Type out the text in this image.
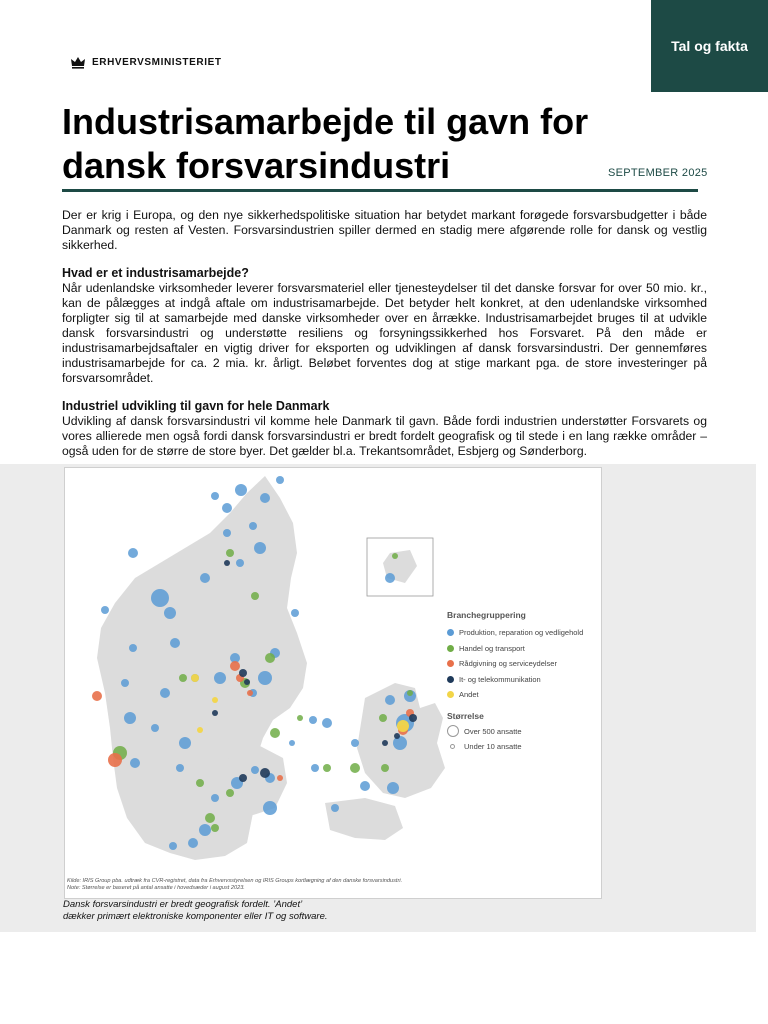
Tal og fakta
ERHVERVSMINISTERIET
Industrisamarbejde til gavn for
dansk forsvarsindustri	SEPTEMBER 2025

Der er krig i Europa, og den nye sikkerhedspolitiske situation har betydet markant forøgede forsvarsbudgetter i både Danmark og resten af Vesten. Forsvarsindustrien spiller dermed en stadig mere afgørende rolle for dansk og vestlig sikkerhed.

Hvad er et industrisamarbejde?

Når udenlandske virksomheder leverer forsvarsmateriel eller tjenesteydelser til det danske forsvar for over 50 mio. kr., kan de pålægges at indgå aftale om industrisamarbejde. Det betyder helt konkret, at den udenlandske virksomhed forpligter sig til at samarbejde med danske virksomheder over en årrække. Industrisamarbejdet bruges til at udvikle dansk forsvarsindustri og understøtte resiliens og forsyningssikkerhed hos Forsvaret. På den måde er industrisamarbejdsaftaler en vigtig driver for eksporten og udviklingen af dansk forsvarsindustri. Der gennemføres industrisamarbejde for ca. 2 mia. kr. årligt. Beløbet forventes dog at stige markant pga. de store investeringer på forsvarsområdet.

Industriel udvikling til gavn for hele Danmark

Udvikling af dansk forsvarsindustri vil komme hele Danmark til gavn. Både fordi industrien understøtter Forsvarets og vores allierede men også fordi dansk forsvarsindustri er bredt fordelt geografisk og til stede i en lang række områder – også uden for de større de store byer. Det gælder bl.a. Trekantsområdet, Esbjerg og Sønderborg.

Branchegruppering
Produktion, reparation og vedligehold
Handel og transport
Rådgivning og serviceydelser
It- og telekommunikation
Andet
Størrelse
Over 500 ansatte
Under 10 ansatte
Kilde: IRIS Group pba. udtræk fra CVR-registret, data fra Erhvervsstyrelsen og IRIS Groups kortlægning af den danske forsvarsindustri.
Note: Størrelse er baseret på antal ansatte i hovedsæder i august 2023.
Dansk forsvarsindustri er bredt geografisk fordelt. ’Andet’
dækker primært elektroniske komponenter eller IT og software.
